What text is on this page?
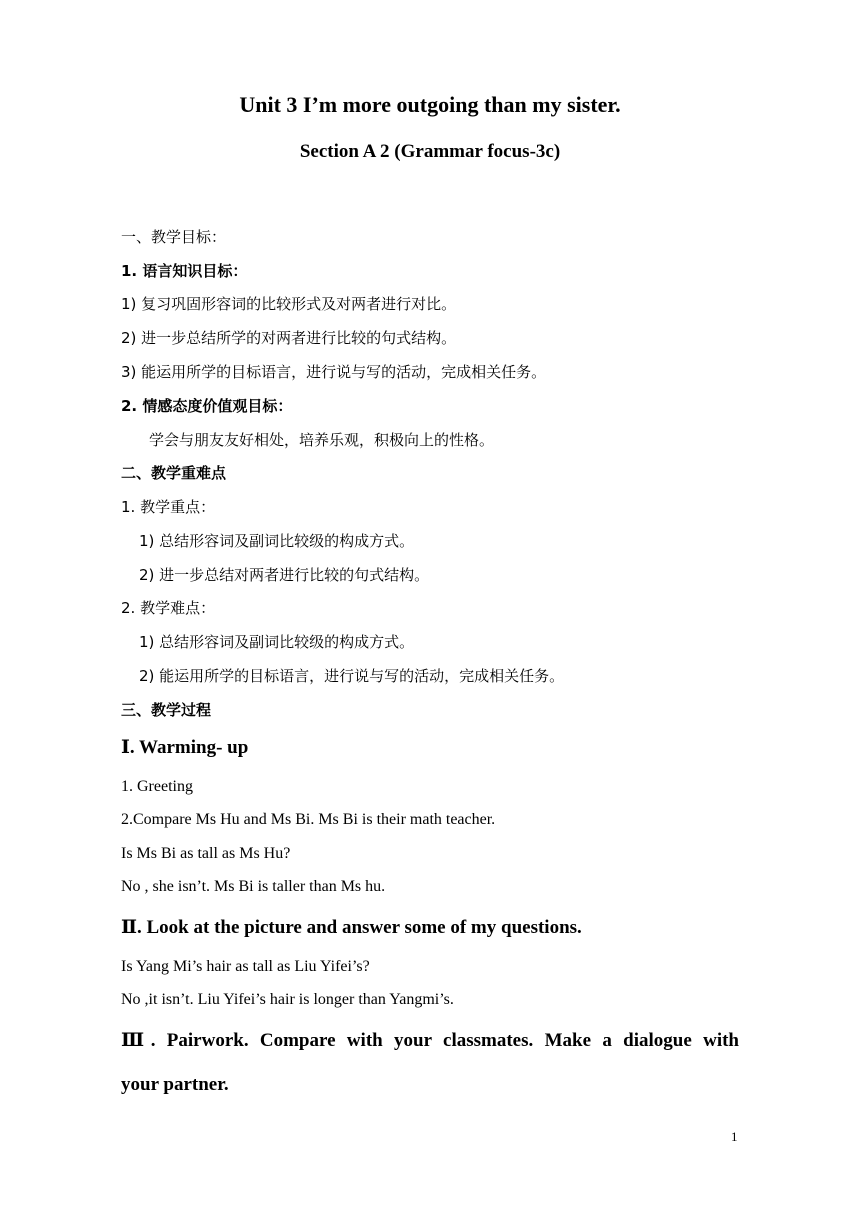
Unit 3 I’m more outgoing than my sister.
Section A 2 (Grammar focus-3c)
一、教学目标：
1. 语言知识目标：
1) 复习巩固形容词的比较形式及对两者进行对比。
2) 进一步总结所学的对两者进行比较的句式结构。
3) 能运用所学的目标语言，进行说与写的活动，完成相关任务。
2. 情感态度价值观目标：
学会与朋友友好相处，培养乐观，积极向上的性格。
二、教学重难点
1. 教学重点：
1) 总结形容词及副词比较级的构成方式。
2) 进一步总结对两者进行比较的句式结构。
2. 教学难点：
1) 总结形容词及副词比较级的构成方式。
2) 能运用所学的目标语言，进行说与写的活动，完成相关任务。
三、教学过程
Ⅰ. Warming- up
1. Greeting
2.Compare Ms Hu and Ms Bi. Ms Bi is their math teacher.
Is Ms Bi as tall as Ms Hu?
No , she isn’t. Ms Bi is taller than Ms hu.
Ⅱ. Look at the picture and answer some of my questions.
Is Yang Mi’s hair as tall as Liu Yifei’s?
No ,it isn’t. Liu Yifei’s hair is longer than Yangmi’s.
Ⅲ. Pairwork. Compare with your classmates. Make a dialogue with
your partner.
1
